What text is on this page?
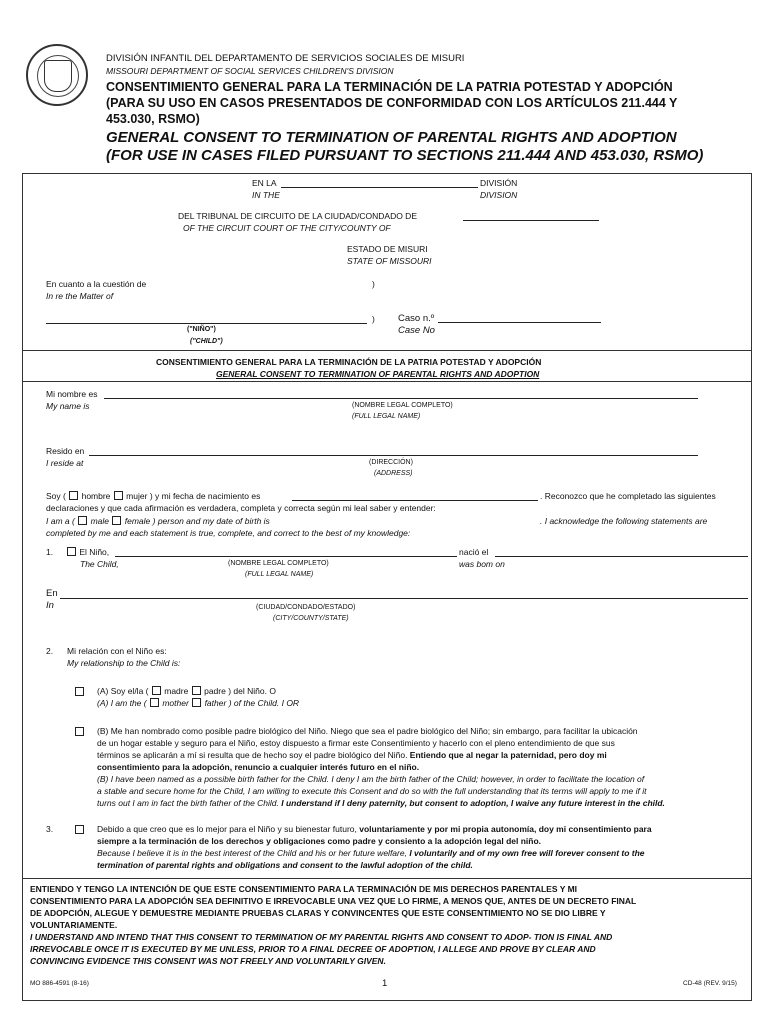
DIVISIÓN INFANTIL DEL DEPARTAMENTO DE SERVICIOS SOCIALES DE MISURI
MISSOURI DEPARTMENT OF SOCIAL SERVICES CHILDREN'S DIVISION
CONSENTIMIENTO GENERAL PARA LA TERMINACIÓN DE LA PATRIA POTESTAD Y ADOPCIÓN
(PARA SU USO EN CASOS PRESENTADOS DE CONFORMIDAD CON LOS ARTÍCULOS 211.444 Y
453.030, RSMO)
GENERAL CONSENT TO TERMINATION OF PARENTAL RIGHTS AND ADOPTION
(FOR USE IN CASES FILED PURSUANT TO SECTIONS 211.444 AND 453.030, RSMO)
EN LA	DIVISIÓN
IN THE	DIVISION
DEL TRIBUNAL DE CIRCUITO DE LA CIUDAD/CONDADO DE
OF THE CIRCUIT COURT OF THE CITY/COUNTY OF
ESTADO DE MISURI
STATE OF MISSOURI
En cuanto a la cuestión de	)
In re the Matter of
) Caso n.º
Case No
("NIÑO")
("CHILD")
CONSENTIMIENTO GENERAL PARA LA TERMINACIÓN DE LA PATRIA POTESTAD Y ADOPCIÓN
GENERAL CONSENT TO TERMINATION OF PARENTAL RIGHTS AND ADOPTION
Mi nombre es
My name is	(NOMBRE LEGAL COMPLETO)
(FULL LEGAL NAME)
Resido en
I reside at	(DIRECCIÓN)
(ADDRESS)
Soy ( hombre mujer ) y mi fecha de nacimiento es	. Reconozco que he completado las siguientes
declaraciones y que cada afirmación es verdadera, completa y correcta según mi leal saber y entender:
I am a ( male female ) person and my date of birth is	. I acknowledge the following statements are
completed by me and each statement is true, complete, and correct to the best of my knowledge:
1.	El Niño,	nació el
The Child,	(NOMBRE LEGAL COMPLETO)
(FULL LEGAL NAME)
was bom on
En
In	(CIUDAD/CONDADO/ESTADO)
(CITY/COUNTY/STATE)
2. Mi relación con el Niño es:
My relationship to the Child is:
(A) Soy el/la ( madre padre ) del Niño. O
(A) I am the ( mother father ) of the Child. I OR
(B) Me han nombrado como posible padre biológico del Niño. Niego que sea el padre biológico del Niño; sin embargo, para facilitar la ubicación
de un hogar estable y seguro para el Niño, estoy dispuesto a firmar este Consentimiento y hacerlo con el pleno entendimiento de que sus
términos se aplicarán a mí si resulta que de hecho soy el padre biológico del Niño. Entiendo que al negar la paternidad, pero doy mi
consentimiento para la adopción, renuncio a cualquier interés futuro en el niño.
(B) I have been named as a possible birth father for the Child. I deny I am the birth father of the Child; however, in order to facilitate the location of
a stable and secure home for the Child, I am willing to execute this Consent and do so with the full understanding that its terms will apply to me if it
turns out I am in fact the birth father of the Child. I understand if I deny paternity, but consent to adoption, I waive any future interest in the child.
3.	Debido a que creo que es lo mejor para el Niño y su bienestar futuro, voluntariamente y por mi propia autonomía, doy mi consentimiento para
siempre a la terminación de los derechos y obligaciones como padre y consiento a la adopción legal del niño.
Because I believe it is in the best interest of the Child and his or her future welfare, I voluntarily and of my own free will forever consent to the
termination of parental rights and obligations and consent to the lawful adoption of the child.
ENTIENDO Y TENGO LA INTENCIÓN DE QUE ESTE CONSENTIMIENTO PARA LA TERMINACIÓN DE MIS DERECHOS PARENTALES Y MI
CONSENTIMIENTO PARA LA ADOPCIÓN SEA DEFINITIVO E IRREVOCABLE UNA VEZ QUE LO FIRME, A MENOS QUE, ANTES DE UN DECRETO FINAL
DE ADOPCIÓN, ALEGUE Y DEMUESTRE MEDIANTE PRUEBAS CLARAS Y CONVINCENTES QUE ESTE CONSENTIMIENTO NO SE DIO LIBRE Y
VOLUNTARIAMENTE.
I UNDERSTAND AND INTEND THAT THIS CONSENT TO TERMINATION OF MY PARENTAL RIGHTS AND CONSENT TO ADOP- TION IS FINAL AND
IRREVOCABLE ONCE IT IS EXECUTED BY ME UNLESS, PRIOR TO A FINAL DECREE OF ADOPTION, I ALLEGE AND PROVE BY CLEAR AND
CONVINCING EVIDENCE THIS CONSENT WAS NOT FREELY AND VOLUNTARILY GIVEN.
MO 886-4591 (8-16)	1	CD-48 (REV. 9/15)
